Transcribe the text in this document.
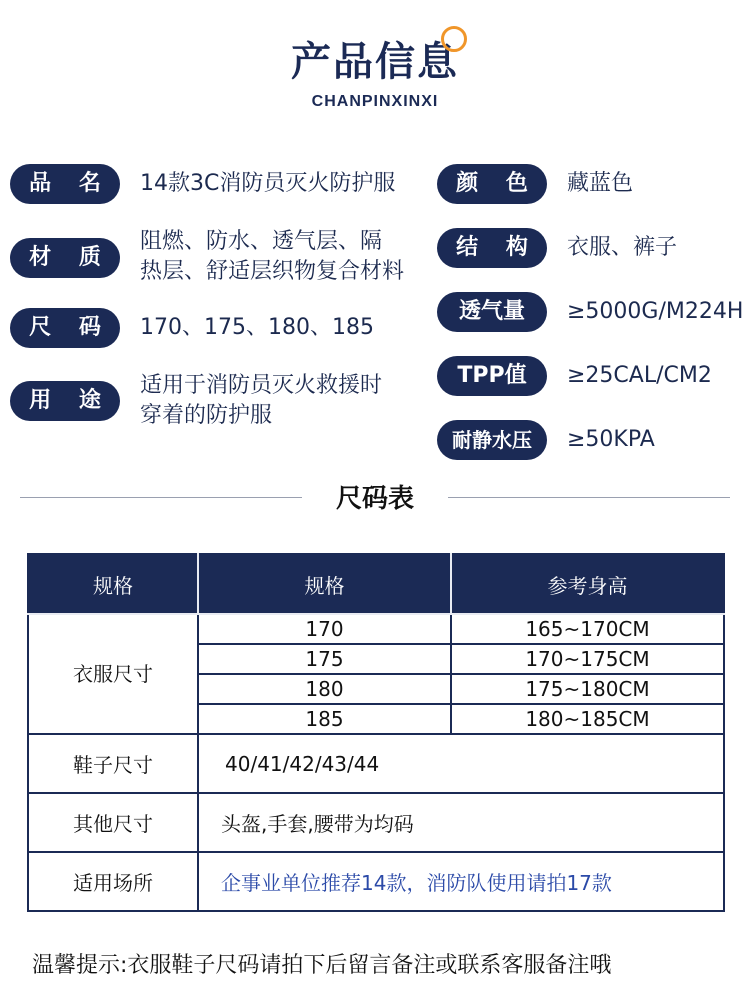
产品信息
CHANPINXINXI
品 名	14款3C消防员灭火防护服
材 质
阻燃、防水、透气层、隔
热层、舒适层织物复合材料
尺 码	170、175、180、185
用 途
适用于消防员灭火救援时
穿着的防护服
颜 色	藏蓝色
结 构	衣服、裤子
透气量	≥5000G/M224H
TPP值	≥25CAL/CM2
耐静水压	≥50KPA
尺码表
规格	规格	参考身高
衣服尺寸	170	165~170CM
	175	170~175CM
	180	175~180CM
	185	180~185CM
鞋子尺寸	40/41/42/43/44	
其他尺寸	头盔,手套,腰带为均码	
适用场所	企事业单位推荐14款，消防队使用请拍17款	
温馨提示:衣服鞋子尺码请拍下后留言备注或联系客服备注哦
